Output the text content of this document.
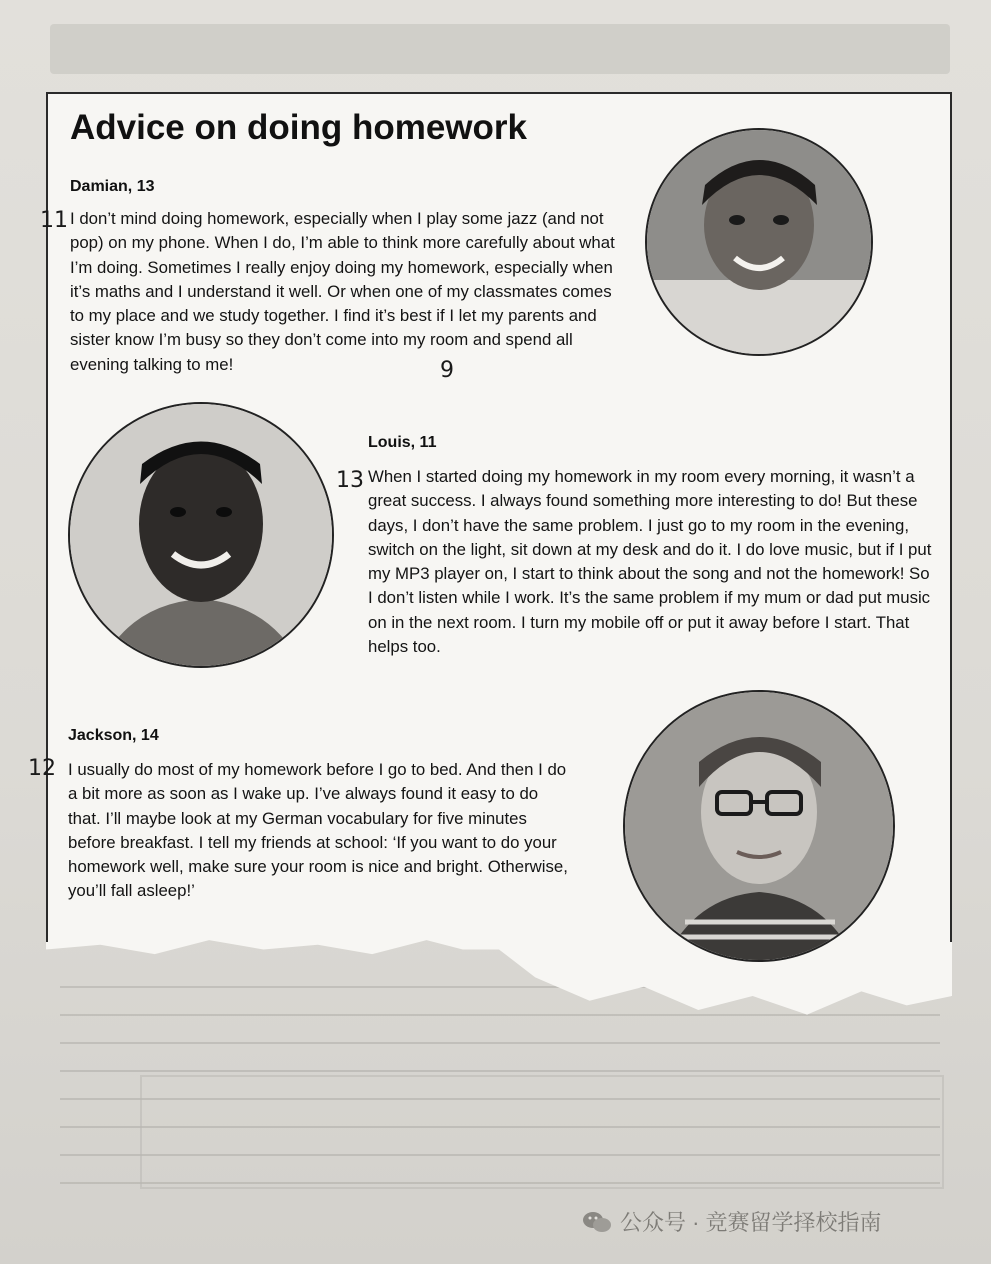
Advice on doing homework
Damian, 13
I don’t mind doing homework, especially when I play some jazz (and not pop) on my phone. When I do, I’m able to think more carefully about what I’m doing. Sometimes I really enjoy doing my homework, especially when it’s maths and I understand it well. Or when one of my classmates comes to my place and we study together. I find it’s best if I let my parents and sister know I’m busy so they don’t come into my room and spend all evening talking to me!
Louis, 11
When I started doing my homework in my room every morning, it wasn’t a great success. I always found something more interesting to do! But these days, I don’t have the same problem. I just go to my room in the evening, switch on the light, sit down at my desk and do it. I do love music, but if I put my MP3 player on, I start to think about the song and not the homework! So I don’t listen while I work. It’s the same problem if my mum or dad put music on in the next room. I turn my mobile off or put it away before I start. That helps too.
Jackson, 14
I usually do most of my homework before I go to bed. And then I do a bit more as soon as I wake up. I’ve always found it easy to do that. I’ll maybe look at my German vocabulary for five minutes before breakfast. I tell my friends at school: ‘If you want to do your homework well, make sure your room is nice and bright. Otherwise, you’ll fall asleep!’
11
9
13
12
公众号 · 竞赛留学择校指南
